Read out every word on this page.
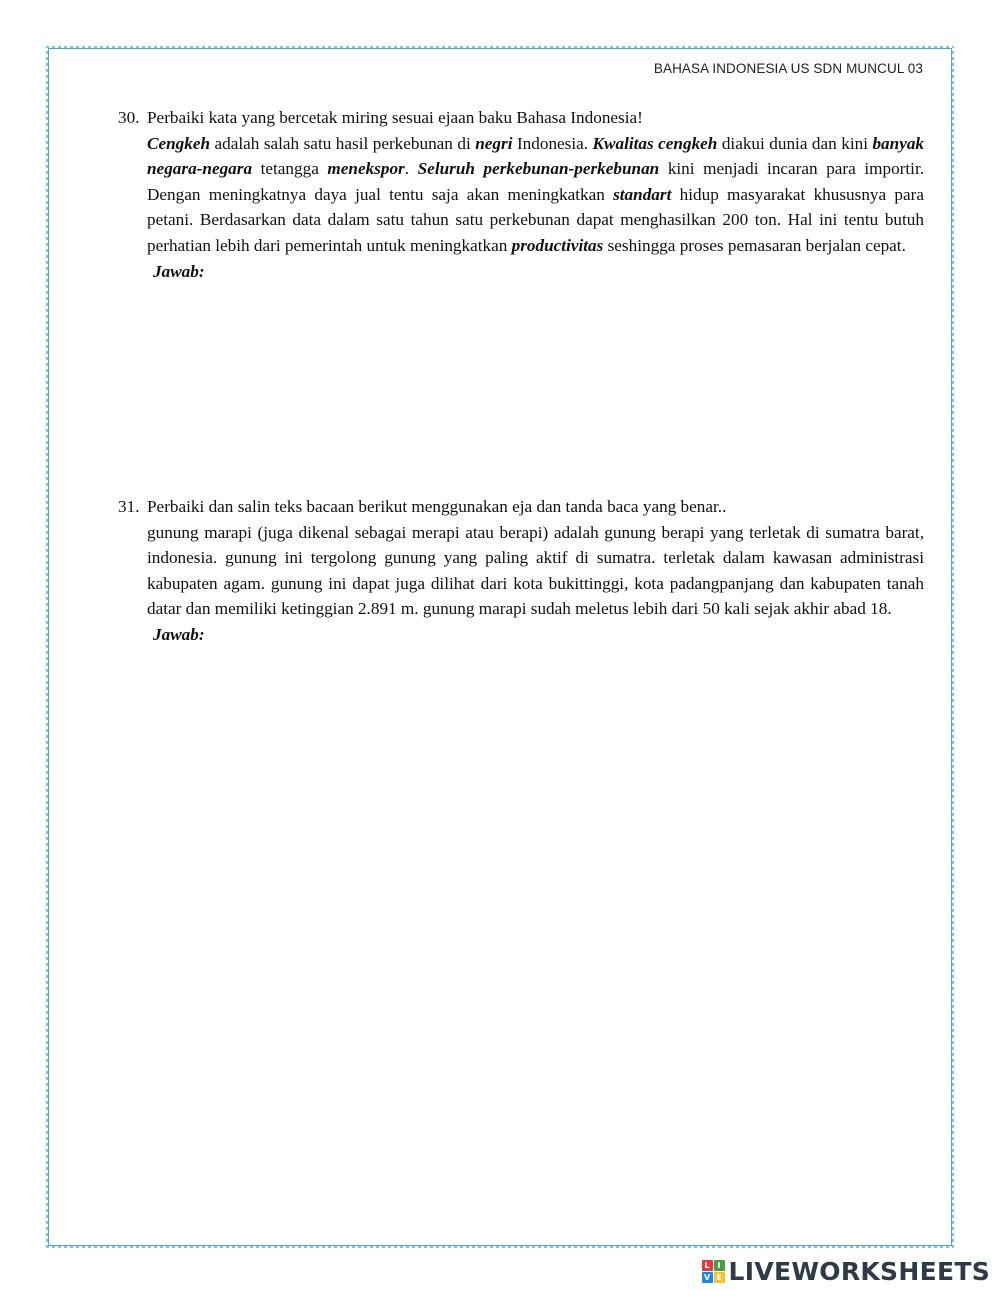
BAHASA INDONESIA US SDN MUNCUL 03
30. Perbaiki kata yang bercetak miring sesuai ejaan baku Bahasa Indonesia!

Cengkeh adalah salah satu hasil perkebunan di negri Indonesia. Kwalitas cengkeh diakui dunia dan kini banyak negara-negara tetangga menekspor. Seluruh perkebunan-perkebunan kini menjadi incaran para importir. Dengan meningkatnya daya jual tentu saja akan meningkatkan standart hidup masyarakat khususnya para petani. Berdasarkan data dalam satu tahun satu perkebunan dapat menghasilkan 200 ton. Hal ini tentu butuh perhatian lebih dari pemerintah untuk meningkatkan productivitas seshingga proses pemasaran berjalan cepat.

Jawab:
31. Perbaiki dan salin teks bacaan berikut menggunakan eja dan tanda baca yang benar..

gunung marapi (juga dikenal sebagai merapi atau berapi) adalah gunung berapi yang terletak di sumatra barat, indonesia. gunung ini tergolong gunung yang paling aktif di sumatra. terletak dalam kawasan administrasi kabupaten agam. gunung ini dapat juga dilihat dari kota bukittinggi, kota padangpanjang dan kabupaten tanah datar dan memiliki ketinggian 2.891 m. gunung marapi sudah meletus lebih dari 50 kali sejak akhir abad 18.

Jawab:
L I
V E LIVEWORKSHEETS
